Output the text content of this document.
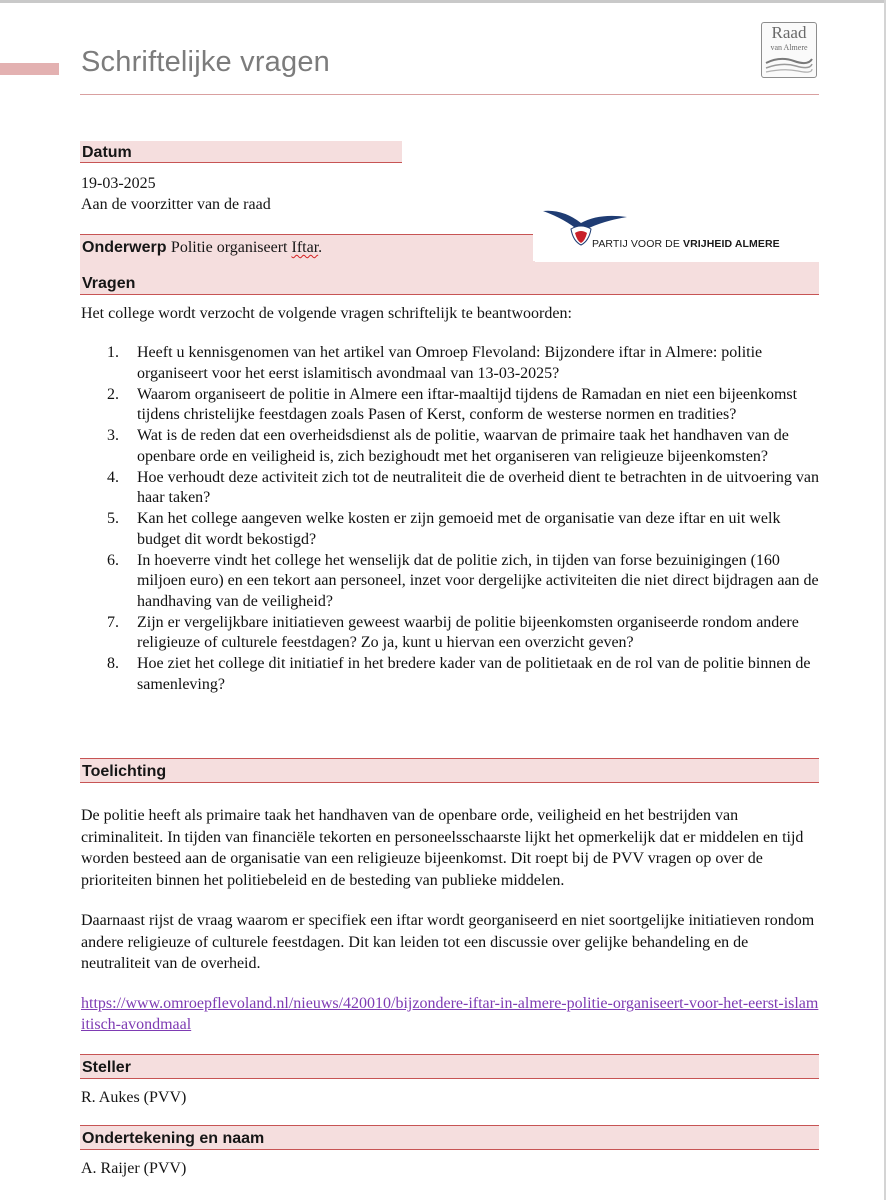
Schriftelijke vragen
Raad
van Almere
Datum
19-03-2025
Aan de voorzitter van de raad
Onderwerp Politie organiseert Iftar.	PARTIJ VOOR DE VRIJHEID ALMERE
Vragen
Het college wordt verzocht de volgende vragen schriftelijk te beantwoorden:
1. Heeft u kennisgenomen van het artikel van Omroep Flevoland: Bijzondere iftar in Almere: politie organiseert voor het eerst islamitisch avondmaal van 13-03-2025?
2. Waarom organiseert de politie in Almere een iftar-maaltijd tijdens de Ramadan en niet een bijeenkomst tijdens christelijke feestdagen zoals Pasen of Kerst, conform de westerse normen en tradities?
3. Wat is de reden dat een overheidsdienst als de politie, waarvan de primaire taak het handhaven van de openbare orde en veiligheid is, zich bezighoudt met het organiseren van religieuze bijeenkomsten?
4. Hoe verhoudt deze activiteit zich tot de neutraliteit die de overheid dient te betrachten in de uitvoering van haar taken?
5. Kan het college aangeven welke kosten er zijn gemoeid met de organisatie van deze iftar en uit welk budget dit wordt bekostigd?
6. In hoeverre vindt het college het wenselijk dat de politie zich, in tijden van forse bezuinigingen (160 miljoen euro) en een tekort aan personeel, inzet voor dergelijke activiteiten die niet direct bijdragen aan de handhaving van de veiligheid?
7. Zijn er vergelijkbare initiatieven geweest waarbij de politie bijeenkomsten organiseerde rondom andere religieuze of culturele feestdagen? Zo ja, kunt u hiervan een overzicht geven?
8. Hoe ziet het college dit initiatief in het bredere kader van de politietaak en de rol van de politie binnen de samenleving?
Toelichting
De politie heeft als primaire taak het handhaven van de openbare orde, veiligheid en het bestrijden van criminaliteit. In tijden van financiële tekorten en personeelsschaarste lijkt het opmerkelijk dat er middelen en tijd worden besteed aan de organisatie van een religieuze bijeenkomst. Dit roept bij de PVV vragen op over de prioriteiten binnen het politiebeleid en de besteding van publieke middelen.
Daarnaast rijst de vraag waarom er specifiek een iftar wordt georganiseerd en niet soortgelijke initiatieven rondom andere religieuze of culturele feestdagen. Dit kan leiden tot een discussie over gelijke behandeling en de neutraliteit van de overheid.
https://www.omroepflevoland.nl/nieuws/420010/bijzondere-iftar-in-almere-politie-organiseert-voor-het-eerst-islamitisch-avondmaal
Steller
R. Aukes (PVV)
Ondertekening en naam
A. Raijer (PVV)
